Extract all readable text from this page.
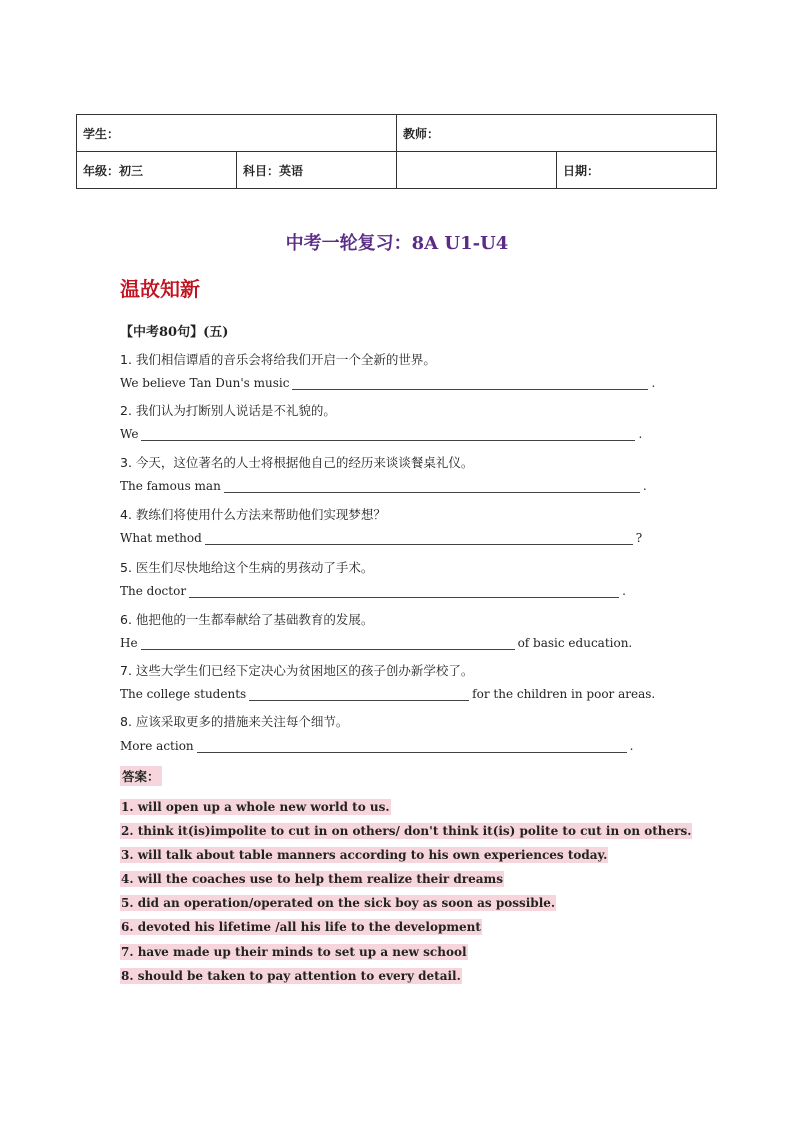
学生：		教师：	
年级：初三	科目：英语		日期：
中考一轮复习：8A U1-U4
温故知新
【中考80句】(五)
1. 我们相信谭盾的音乐会将给我们开启一个全新的世界。
We believe Tan Dun's music	.
2. 我们认为打断别人说话是不礼貌的。
We	.
3. 今天，这位著名的人士将根据他自己的经历来谈谈餐桌礼仪。
The famous man	.
4. 教练们将使用什么方法来帮助他们实现梦想？
What method	?
5. 医生们尽快地给这个生病的男孩动了手术。
The doctor	.
6. 他把他的一生都奉献给了基础教育的发展。
He	of basic education.
7. 这些大学生们已经下定决心为贫困地区的孩子创办新学校了。
The college students	for the children in poor areas.
8. 应该采取更多的措施来关注每个细节。
More action	.
答案：
1. will open up a whole new world to us.
2. think it(is)impolite to cut in on others/ don't think it(is) polite to cut in on others.
3. will talk about table manners according to his own experiences today.
4. will the coaches use to help them realize their dreams
5. did an operation/operated on the sick boy as soon as possible.
6. devoted his lifetime /all his life to the development
7. have made up their minds to set up a new school
8. should be taken to pay attention to every detail.
